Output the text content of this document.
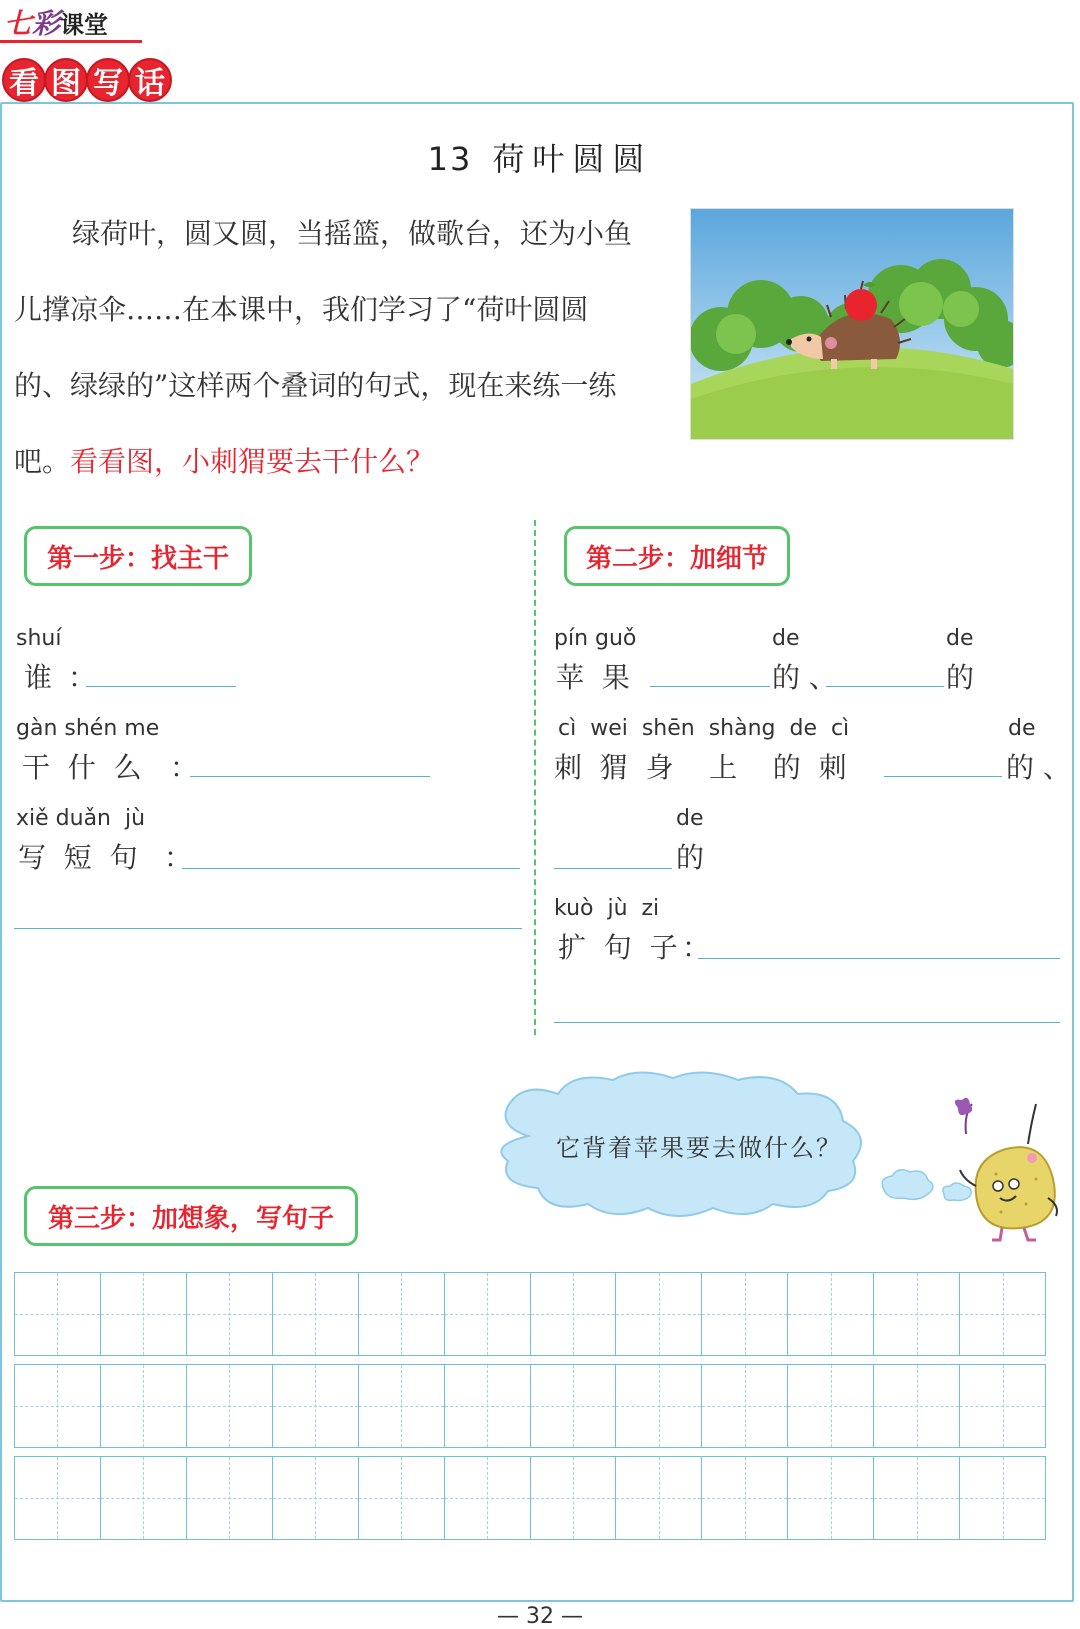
七彩课堂
看 图 写 话
13 荷叶圆圆
绿荷叶，圆又圆，当摇篮，做歌台，还为小鱼儿撑凉伞……在本课中，我们学习了“荷叶圆圆的、绿绿的”这样两个叠词的句式，现在来练一练吧。看看图，小刺猬要去干什么？
第一步：找主干
shuí
谁 ：
gàn shén me
干  什  么 ：
xiě duǎn  jù
写  短  句 ：
第二步：加细节
pín guǒ
苹  果
de
的 、
de
的
cì  wei  shēn  shàng  de  cì
刺  猬  身    上    的  刺
de
的 、
de
的
kuò  jù  zi
扩  句  子 ：
它背着苹果要去做什么？
第三步：加想象，写句子
— 32 —
